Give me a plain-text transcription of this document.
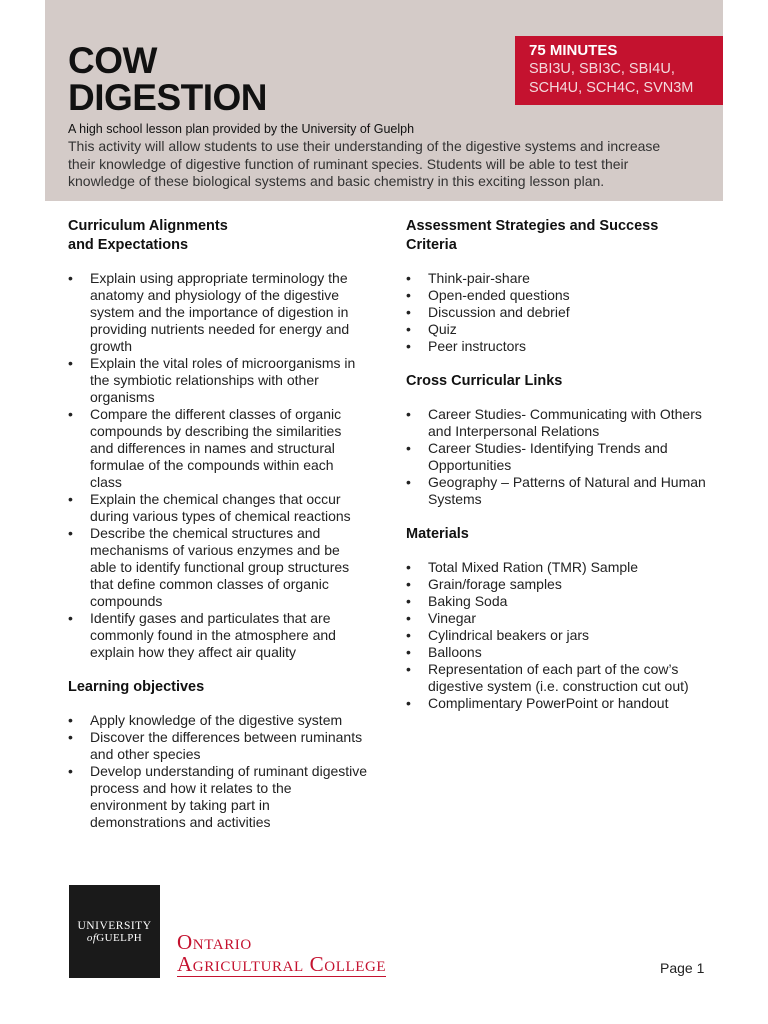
COW
DIGESTION
75 MINUTES
SBI3U, SBI3C, SBI4U,
SCH4U, SCH4C, SVN3M
A high school lesson plan provided by the University of Guelph

This activity will allow students to use their understanding of the digestive systems and increase their knowledge of digestive function of ruminant species. Students will be able to test their knowledge of these biological systems and basic chemistry in this exciting lesson plan.

Curriculum Alignments
and Expectations
•	Explain using appropriate terminology the anatomy and physiology of the digestive system and the importance of digestion in providing nutrients needed for energy and growth
•	Explain the vital roles of microorganisms in the symbiotic relationships with other organisms
•	Compare the different classes of organic compounds by describing the similarities and differences in names and structural formulae of the compounds within each class
•	Explain the chemical changes that occur during various types of chemical reactions
•	Describe the chemical structures and mechanisms of various enzymes and be able to identify functional group structures that define common classes of organic compounds
•	Identify gases and particulates that are commonly found in the atmosphere and explain how they affect air quality
Learning objectives
•	Apply knowledge of the digestive system
•	Discover the differences between ruminants and other species
•	Develop understanding of ruminant digestive process and how it relates to the environment by taking part in demonstrations and activities
Assessment Strategies and Success
Criteria
•	Think-pair-share
•	Open-ended questions
•	Discussion and debrief
•	Quiz
•	Peer instructors
Cross Curricular Links
•	Career Studies- Communicating with Others and Interpersonal Relations
•	Career Studies- Identifying Trends and Opportunities
•	Geography – Patterns of Natural and Human Systems
Materials
•	Total Mixed Ration (TMR) Sample
•	Grain/forage samples
•	Baking Soda
•	Vinegar
•	Cylindrical beakers or jars
•	Balloons
•	Representation of each part of the cow’s digestive system (i.e. construction cut out)
•	Complimentary PowerPoint or handout
UNIVERSITY
ofGUELPH Ontario
Agricultural College	Page 1
